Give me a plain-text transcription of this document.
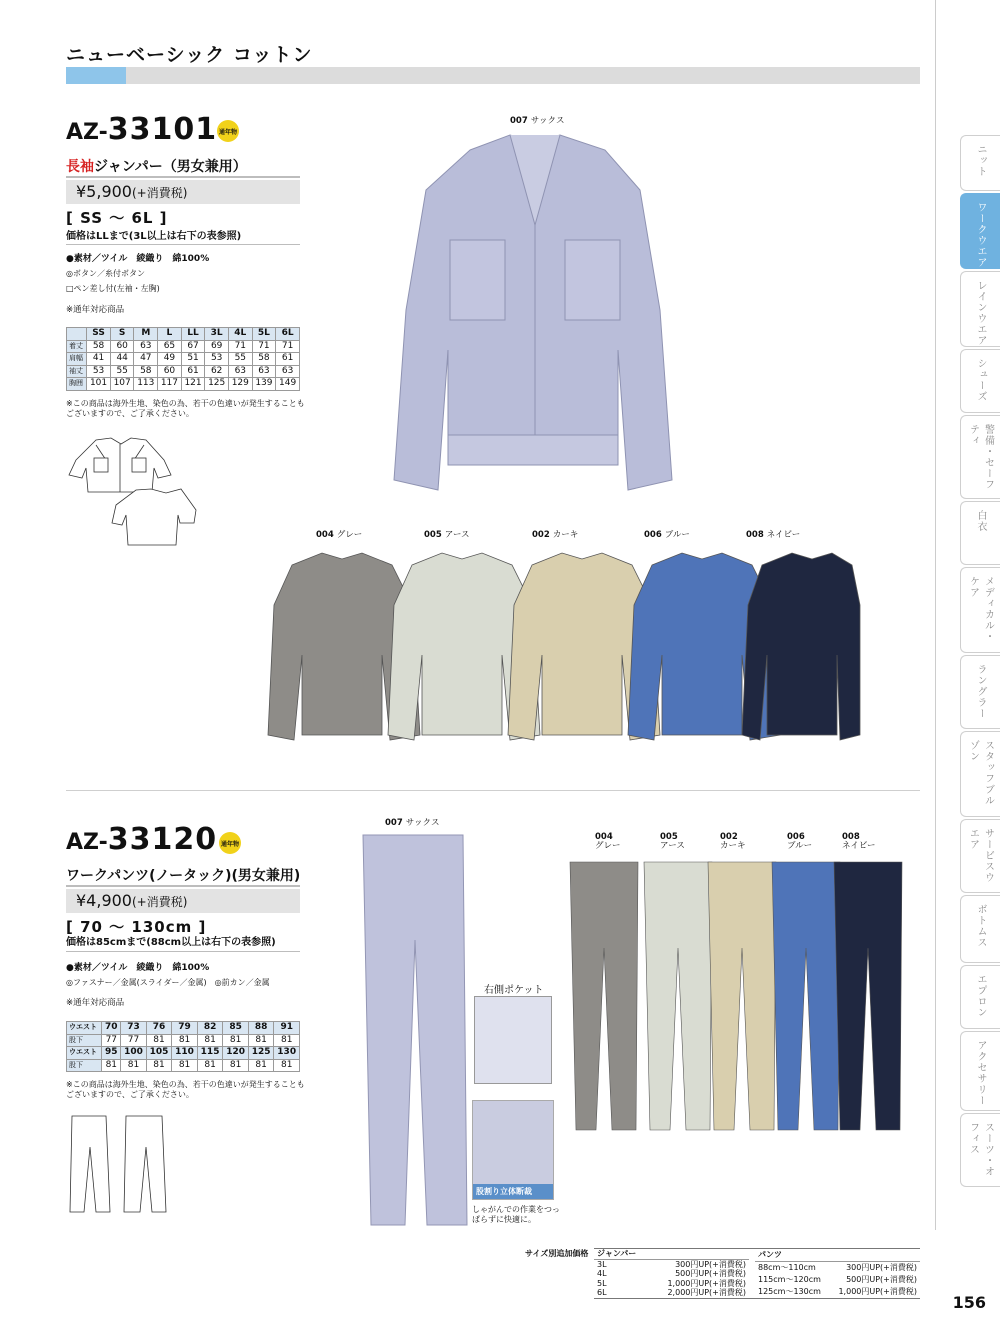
ニューベーシック コットン
AZ-33101 通年物
長袖ジャンパー（男女兼用）
¥5,900(+消費税)
[ SS ～ 6L ]
価格はLLまで(3L以上は右下の表参照)
●素材／ツイル　綾織り　綿100%
◎ボタン／糸付ボタン
□ペン差し付(左袖・左胸)
※通年対応商品
	SS	S	M	L	LL	3L	4L	5L	6L
着丈	58	60	63	65	67	69	71	71	71
肩幅	41	44	47	49	51	53	55	58	61
袖丈	53	55	58	60	61	62	63	63	63
胸囲	101	107	113	117	121	125	129	139	149
※この商品は海外生地、染色の為、若干の色違いが発生することもございますので、ご了承ください。
007 サックス
004 グレー	005 アース	002 カーキ	006 ブルー	008 ネイビー
AZ-33120 通年物
ワークパンツ(ノータック)(男女兼用)
¥4,900(+消費税)
[ 70 ～ 130cm ]
価格は85cmまで(88cm以上は右下の表参照)
●素材／ツイル　綾織り　綿100%
◎ファスナー／金属(スライダー／金属)　◎前カン／金属
※通年対応商品
ウエスト	70	73	76	79	82	85	88	91
股下	77	77	81	81	81	81	81	81
ウエスト	95	100	105	110	115	120	125	130
股下	81	81	81	81	81	81	81	81
※この商品は海外生地、染色の為、若干の色違いが発生することもございますので、ご了承ください。
007 サックス
右側ポケット
股割り立体断裁
しゃがんでの作業をつっぱらずに快適に。
004
グレー
005
アース
002
カーキ
006
ブルー
008
ネイビー
サイズ別追加価格 ジャンパー	
3L	300円UP(+消費税)
4L	500円UP(+消費税)
5L	1,000円UP(+消費税)
6L	2,000円UP(+消費税)
パンツ	
88cm～110cm	300円UP(+消費税)
115cm～120cm	500円UP(+消費税)
125cm～130cm	1,000円UP(+消費税)
156
ニット
ワークウエア
レインウエア
シューズ
警備・セーフティ
白衣
メディカル・ケア
ラングラー
スタッフブルゾン
サービスウエア
ボトムス
エプロン
アクセサリー
スーツ・オフィス
